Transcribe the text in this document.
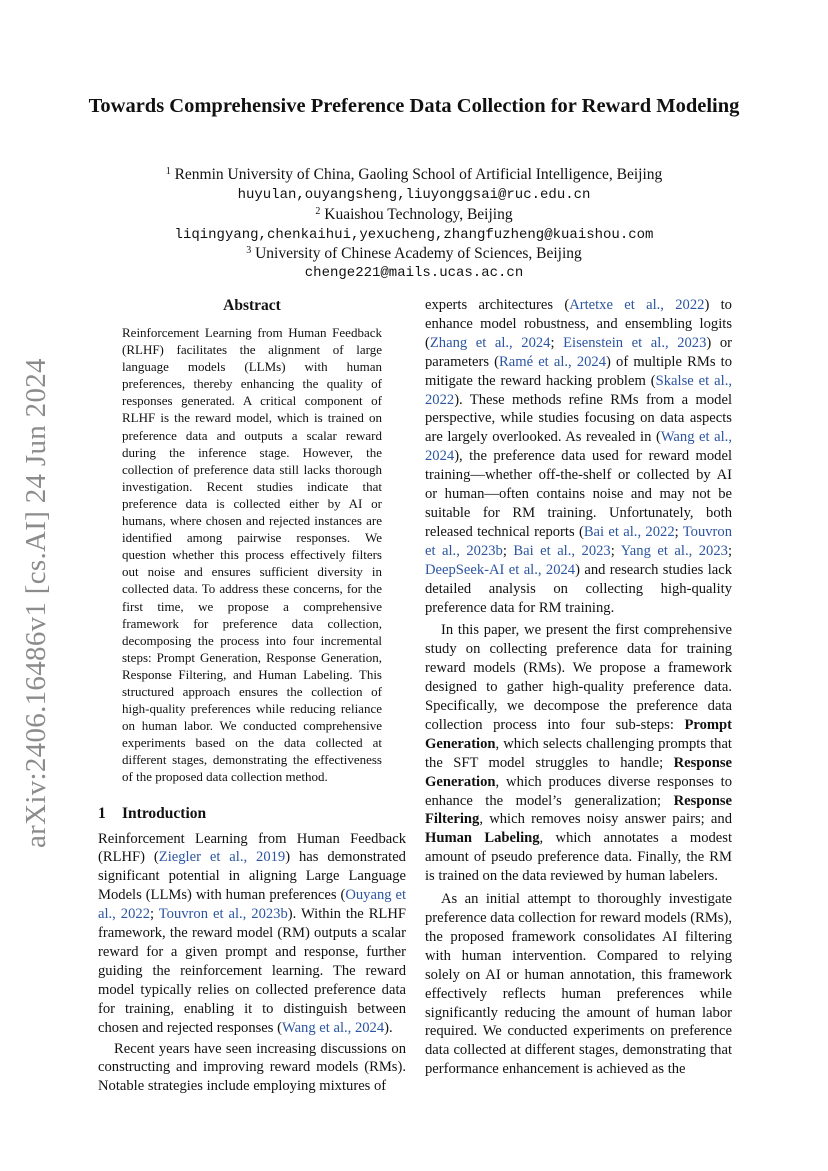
arXiv:2406.16486v1 [cs.AI] 24 Jun 2024
Towards Comprehensive Preference Data Collection for Reward Modeling
$^1$ Renmin University of China, Gaoling School of Artificial Intelligence, Beijing
huyulan,ouyangsheng,liuyonggsai@ruc.edu.cn
$^2$ Kuaishou Technology, Beijing
liqingyang,chenkaihui,yexucheng,zhangfuzheng@kuaishou.com
$^3$ University of Chinese Academy of Sciences, Beijing
chenge221@mails.ucas.ac.cn
Abstract

Reinforcement Learning from Human Feedback (RLHF) facilitates the alignment of large language models (LLMs) with human preferences, thereby enhancing the quality of responses generated. A critical component of RLHF is the reward model, which is trained on preference data and outputs a scalar reward during the inference stage. However, the collection of preference data still lacks thorough investigation. Recent studies indicate that preference data is collected either by AI or humans, where chosen and rejected instances are identified among pairwise responses. We question whether this process effectively filters out noise and ensures sufficient diversity in collected data. To address these concerns, for the first time, we propose a comprehensive framework for preference data collection, decomposing the process into four incremental steps: Prompt Generation, Response Generation, Response Filtering, and Human Labeling. This structured approach ensures the collection of high-quality preferences while reducing reliance on human labor. We conducted comprehensive experiments based on the data collected at different stages, demonstrating the effectiveness of the proposed data collection method.

1 Introduction

Reinforcement Learning from Human Feedback (RLHF) (Ziegler et al., 2019) has demonstrated significant potential in aligning Large Language Models (LLMs) with human preferences (Ouyang et al., 2022; Touvron et al., 2023b). Within the RLHF framework, the reward model (RM) outputs a scalar reward for a given prompt and response, further guiding the reinforcement learning. The reward model typically relies on collected preference data for training, enabling it to distinguish between chosen and rejected responses (Wang et al., 2024).

Recent years have seen increasing discussions on constructing and improving reward models (RMs). Notable strategies include employing mixtures of

experts architectures (Artetxe et al., 2022) to enhance model robustness, and ensembling logits (Zhang et al., 2024; Eisenstein et al., 2023) or parameters (Ramé et al., 2024) of multiple RMs to mitigate the reward hacking problem (Skalse et al., 2022). These methods refine RMs from a model perspective, while studies focusing on data aspects are largely overlooked. As revealed in (Wang et al., 2024), the preference data used for reward model training—whether off-the-shelf or collected by AI or human—often contains noise and may not be suitable for RM training. Unfortunately, both released technical reports (Bai et al., 2022; Touvron et al., 2023b; Bai et al., 2023; Yang et al., 2023; DeepSeek-AI et al., 2024) and research studies lack detailed analysis on collecting high-quality preference data for RM training.

In this paper, we present the first comprehensive study on collecting preference data for training reward models (RMs). We propose a framework designed to gather high-quality preference data. Specifically, we decompose the preference data collection process into four sub-steps: Prompt Generation, which selects challenging prompts that the SFT model struggles to handle; Response Generation, which produces diverse responses to enhance the model’s generalization; Response Filtering, which removes noisy answer pairs; and Human Labeling, which annotates a modest amount of pseudo preference data. Finally, the RM is trained on the data reviewed by human labelers.

As an initial attempt to thoroughly investigate preference data collection for reward models (RMs), the proposed framework consolidates AI filtering with human intervention. Compared to relying solely on AI or human annotation, this framework effectively reflects human preferences while significantly reducing the amount of human labor required. We conducted experiments on preference data collected at different stages, demonstrating that performance enhancement is achieved as the
